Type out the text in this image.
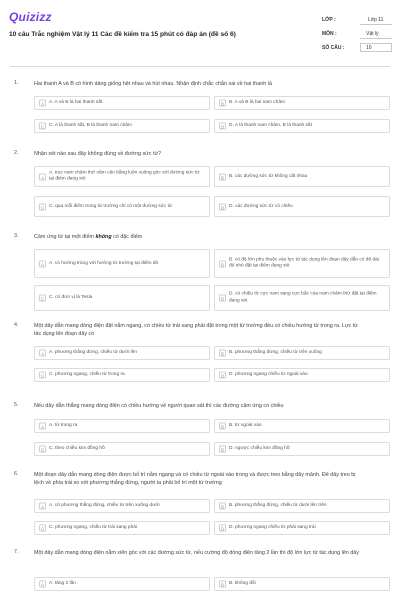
Quizizz
10 câu Trắc nghiệm Vật lý 11 Các đề kiểm tra 15 phút có đáp án (đề số 6)
LỚP :	Lớp 11
MÔN :	Vật lý
SỐ CÂU :	10
1.	Hai thanh A và B có hình dáng giống hệt nhau và hút nhau. Nhận định chắc chắn sai về hai thanh là
A	A. A và B là hai thanh sắt	B	B. A và B là hai nam châm
C	C. A là thanh sắt, B là thanh nam châm	D	D. A là thanh nam châm, B là thanh sắt
2.	Nhận xét nào sau đây không đúng về đường sức từ?
A
A. trục nam châm thử nằm cân bằng luôn vuông góc với đường sức từ tại điểm đang xét	B	B. các đường sức từ không cắt nhau
C	C. qua mỗi điểm trong từ trường chỉ có một đường sức từ	D	D. các đường sức từ có chiều
3.	Cảm ứng từ tại một điểm không có đặc điểm
A	A. có hướng trùng với hướng từ trường tại điểm đó	B
B. có độ lớn phụ thuộc vào lực từ tác dụng lên đoạn dây dẫn có độ dài đủ nhỏ đặt tại điểm đang xét
C	C. có đơn vị là Tesla	D
D. có chiều từ cực nam sang cực bắc của nam châm thử đặt tại điểm đang xét
4.	Một dây dẫn mang dòng điện đặt nằm ngang, có chiều từ trái sang phải đặt trong một từ trường đều có chiều hướng từ trong ra. Lực từ tác dụng lên đoạn dây có
A	A. phương thẳng đứng, chiều từ dưới lên	B	B. phương thẳng đứng, chiều từ trên xuống
C	C. phương ngang, chiều từ trong ra	D	D. phương ngang chiều từ ngoài vào
5.	Nếu dây dẫn thẳng mang dòng điện có chiều hướng về người quan sát thì các đường cảm ứng có chiều
A	A. từ trong ra	B	B. từ ngoài vào
C	C. theo chiều kim đồng hồ	D	D. ngược chiều kim đồng hồ
6.	Một đoạn dây dẫn mang dòng điện được bố trí nằm ngang và có chiều từ ngoài vào trong và được treo bằng dây mảnh. Để dây treo bị lệch về phía trái so với phương thẳng đứng, người ta phải bố trí một từ trường
A	A. có phương thẳng đứng, chiều từ trên xuống dưới	B	B. phương thẳng đứng, chiều từ dưới lên trên
C	C. phương ngang, chiều từ trái sang phải	D	D. phương ngang chiều từ phải sang trái
7.	Một dây dẫn mang dòng điện nằm xiên góc với các đường sức từ, nếu cường độ dòng điện tăng 2 lần thì độ lớn lực từ tác dụng lên dây
A	A. tăng 2 lần	B	B. không đổi
